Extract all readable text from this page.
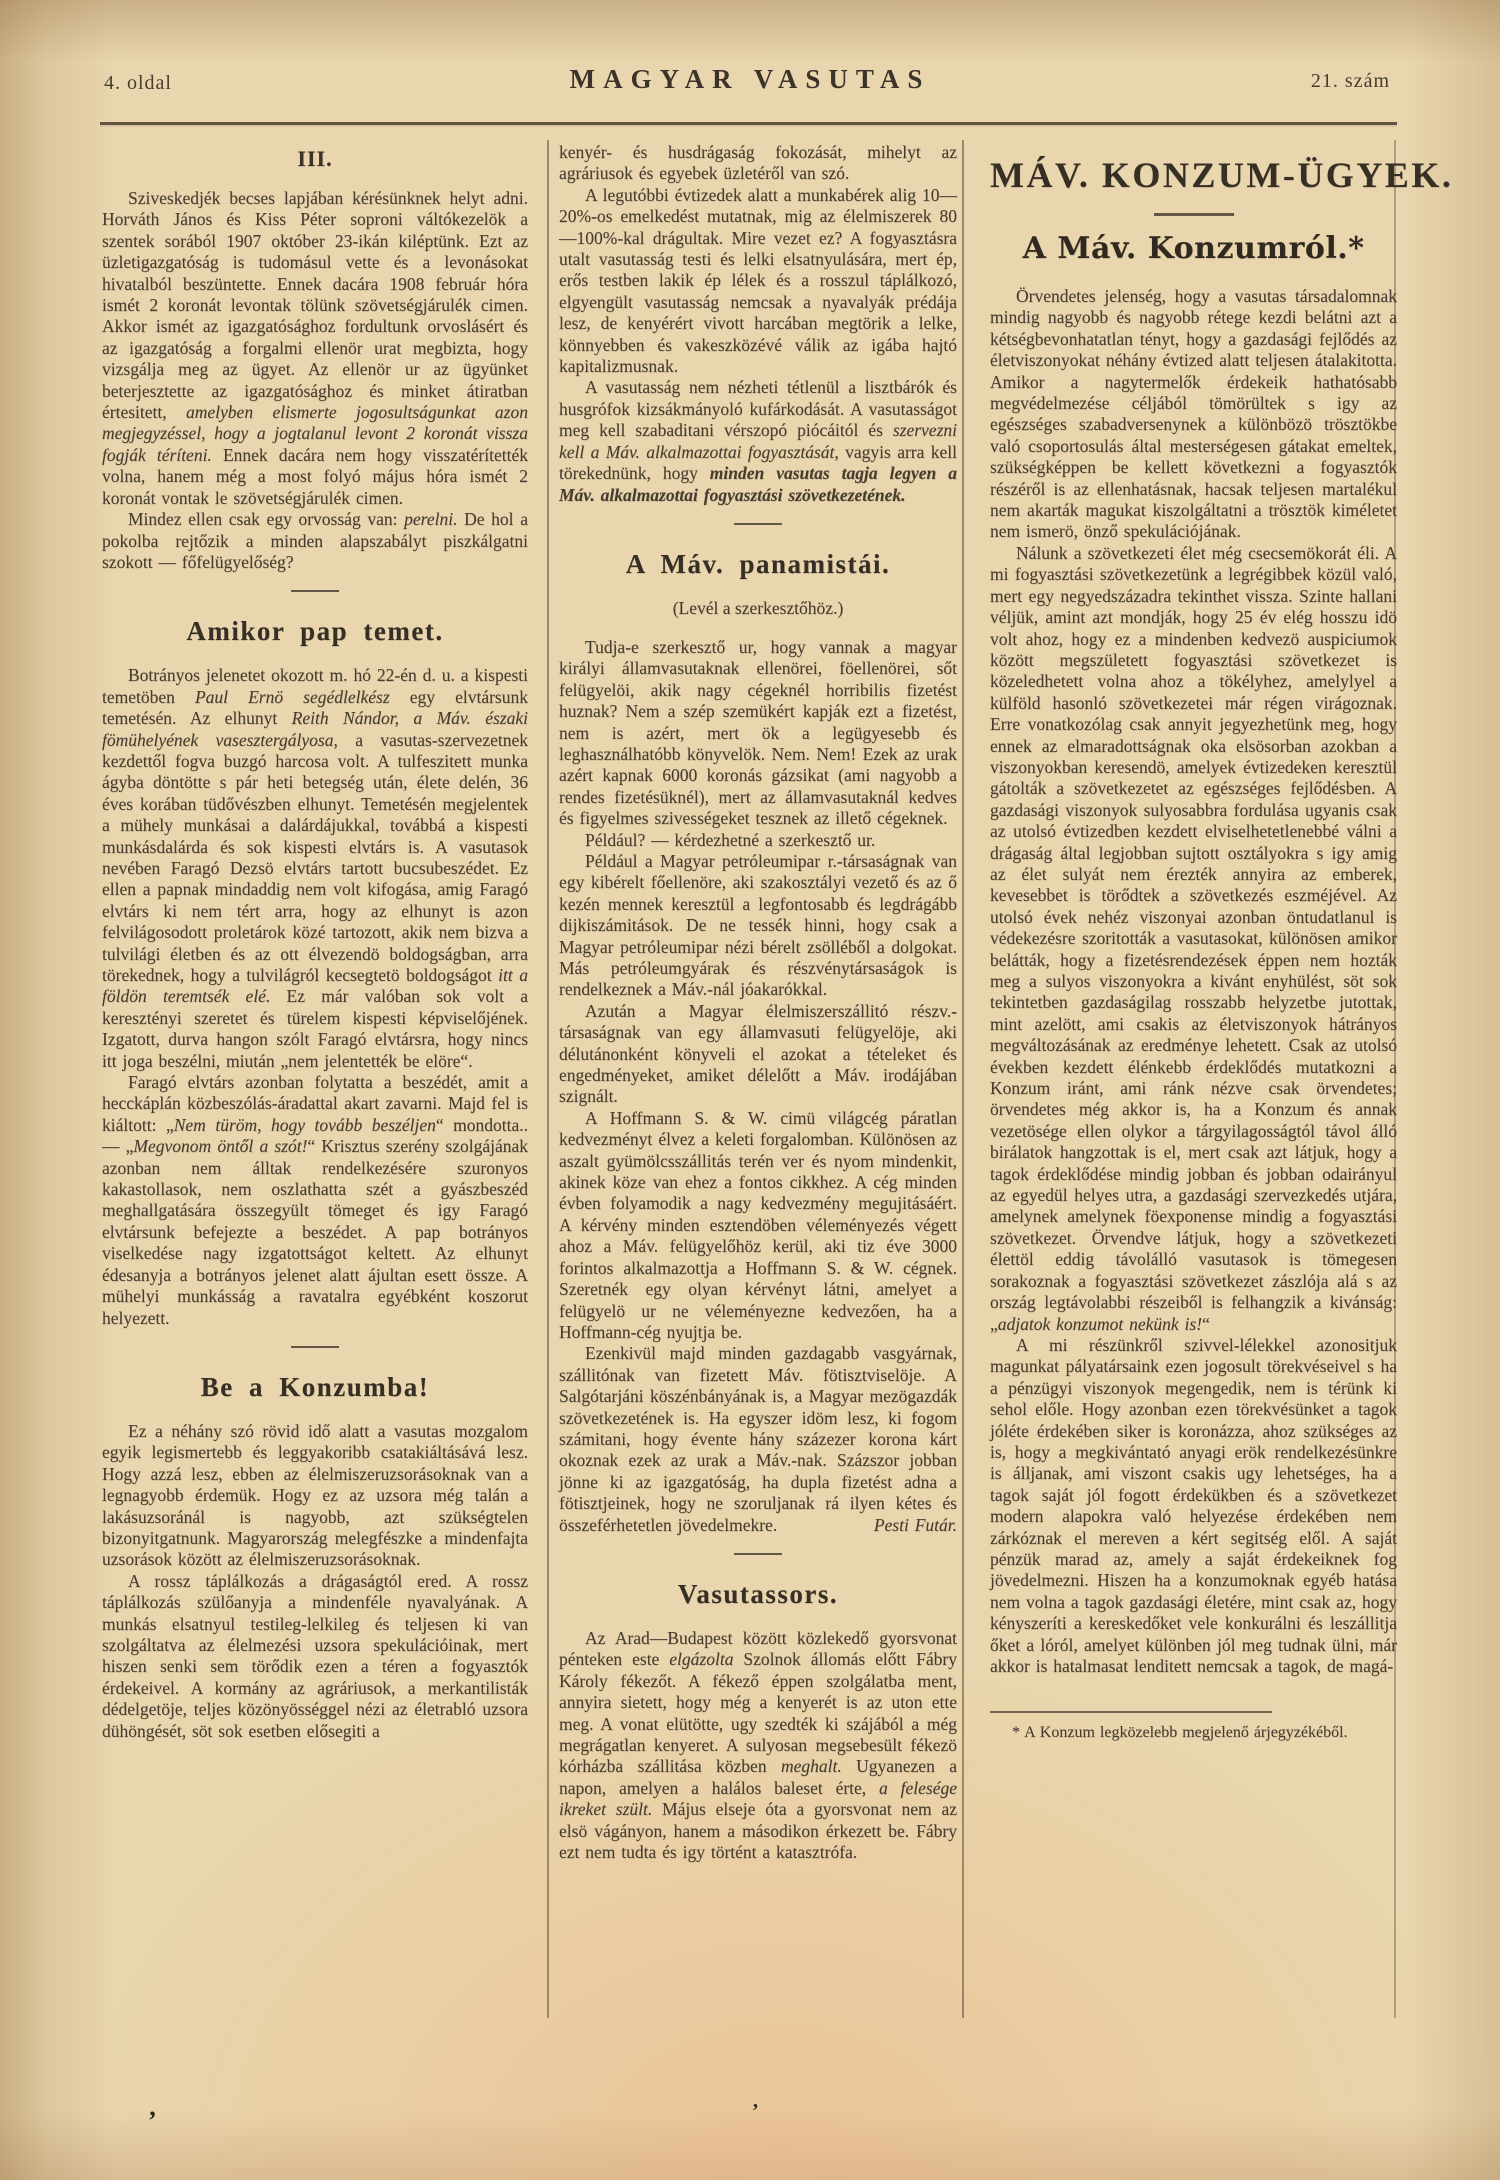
4. oldal	MAGYAR VASUTAS	21. szám
III.

Sziveskedjék becses lapjában kérésünknek helyt adni. Horváth János és Kiss Péter soproni váltókezelök a szentek sorából 1907 október 23-ikán kiléptünk. Ezt az üzletigazgatóság is tudomásul vette és a levonásokat hivatalból beszüntette. Ennek dacára 1908 február hóra ismét 2 koronát levontak tölünk szövetségjárulék cimen. Akkor ismét az igazgatósághoz fordultunk orvoslásért és az igazgatóság a forgalmi ellenör urat megbizta, hogy vizsgálja meg az ügyet. Az ellenör ur az ügyünket beterjesztette az igazgatósághoz és minket átiratban értesitett, amelyben elismerte jogosultságunkat azon megjegyzéssel, hogy a jogtalanul levont 2 koronát vissza fogják téríteni. Ennek dacára nem hogy visszatérítették volna, hanem még a most folyó május hóra ismét 2 koronát vontak le szövetségjárulék cimen.

Mindez ellen csak egy orvosság van: perelni. De hol a pokolba rejtőzik a minden alapszabályt piszkálgatni szokott — főfelügyelőség?

Amikor pap temet.

Botrányos jelenetet okozott m. hó 22-én d. u. a kispesti temetöben Paul Ernö segédlelkész egy elvtársunk temetésén. Az elhunyt Reith Nándor, a Máv. északi fömühelyének vasesztergályosa, a vasutas-szervezetnek kezdettől fogva buzgó harcosa volt. A tulfeszitett munka ágyba döntötte s pár heti betegség után, élete delén, 36 éves korában tüdővészben elhunyt. Temetésén megjelentek a mühely munkásai a dalárdájukkal, továbbá a kispesti munkásdalárda és sok kispesti elvtárs is. A vasutasok nevében Faragó Dezsö elvtárs tartott bucsubeszédet. Ez ellen a papnak mindaddig nem volt kifogása, amig Faragó elvtárs ki nem tért arra, hogy az elhunyt is azon felvilágosodott proletárok közé tartozott, akik nem bizva a tulvilági életben és az ott élvezendö boldogságban, arra törekednek, hogy a tulvilágról kecsegtetö boldogságot itt a földön teremtsék elé. Ez már valóban sok volt a keresztényi szeretet és türelem kispesti képviselőjének. Izgatott, durva hangon szólt Faragó elvtársra, hogy nincs itt joga beszélni, miután „nem jelentették be elöre“.

Faragó elvtárs azonban folytatta a beszédét, amit a hecckáplán közbeszólás-áradattal akart zavarni. Majd fel is kiáltott: „Nem türöm, hogy tovább beszéljen“ mondotta.. — „Megvonom öntől a szót!“ Krisztus szerény szolgájának azonban nem álltak rendelkezésére szuronyos kakastollasok, nem oszlathatta szét a gyászbeszéd meghallgatására összegyült tömeget és igy Faragó elvtársunk befejezte a beszédet. A pap botrányos viselkedése nagy izgatottságot keltett. Az elhunyt édesanyja a botrányos jelenet alatt ájultan esett össze. A mühelyi munkásság a ravatalra egyébként koszorut helyezett.

Be a Konzumba!

Ez a néhány szó rövid idő alatt a vasutas mozgalom egyik legismertebb és leggyakoribb csatakiáltásává lesz. Hogy azzá lesz, ebben az élelmiszeruzsorásoknak van a legnagyobb érdemük. Hogy ez az uzsora még talán a lakásuzsoránál is nagyobb, azt szükségtelen bizonyitgatnunk. Magyarország melegfészke a mindenfajta uzsorások között az élelmiszeruzsorásoknak.

A rossz táplálkozás a drágaságtól ered. A rossz táplálkozás szülőanyja a mindenféle nyavalyának. A munkás elsatnyul testileg-lelkileg és teljesen ki van szolgáltatva az élelmezési uzsora spekulációinak, mert hiszen senki sem törődik ezen a téren a fogyasztók érdekeivel. A kormány az agráriusok, a merkantilisták dédelgetöje, teljes közönyösséggel nézi az életrabló uzsora dühöngését, söt sok esetben elősegiti a

kenyér- és husdrágaság fokozását, mihelyt az agráriusok és egyebek üzletéről van szó.

A legutóbbi évtizedek alatt a munkabérek alig 10—20%-os emelkedést mutatnak, mig az élelmiszerek 80—100%-kal drágultak. Mire vezet ez? A fogyasztásra utalt vasutasság testi és lelki elsatnyulására, mert ép, erős testben lakik ép lélek és a rosszul táplálkozó, elgyengült vasutasság nemcsak a nyavalyák prédája lesz, de kenyérért vivott harcában megtörik a lelke, könnyebben és vakeszközévé válik az igába hajtó kapitalizmusnak.

A vasutasság nem nézheti tétlenül a lisztbárók és husgrófok kizsákmányoló kufárkodását. A vasutasságot meg kell szabaditani vérszopó piócáitól és szervezni kell a Máv. alkalmazottai fogyasztását, vagyis arra kell törekednünk, hogy minden vasutas tagja legyen a Máv. alkalmazottai fogyasztási szövetkezetének.

A Máv. panamistái.
(Levél a szerkesztőhöz.)

Tudja-e szerkesztő ur, hogy vannak a magyar királyi államvasutaknak ellenörei, föellenörei, sőt felügyelöi, akik nagy cégeknél horribilis fizetést huznak? Nem a szép szemükért kapják ezt a fizetést, nem is azért, mert ök a legügyesebb és leghasználhatóbb könyvelök. Nem. Nem! Ezek az urak azért kapnak 6000 koronás gázsikat (ami nagyobb a rendes fizetésüknél), mert az államvasutaknál kedves és figyelmes szivességeket tesznek az illető cégeknek.

Például? — kérdezhetné a szerkesztő ur.

Például a Magyar petróleumipar r.-társaságnak van egy kibérelt főellenöre, aki szakosztályi vezető és az ő kezén mennek keresztül a legfontosabb és legdrágább dijkiszámitások. De ne tessék hinni, hogy csak a Magyar petróleumipar nézi bérelt zsölléből a dolgokat. Más petróleumgyárak és részvénytársaságok is rendelkeznek a Máv.-nál jóakarókkal.

Azután a Magyar élelmiszerszállitó részv.-társaságnak van egy államvasuti felügyelöje, aki délutánonként könyveli el azokat a tételeket és engedményeket, amiket délelőtt a Máv. irodájában szignált.

A Hoffmann S. & W. cimü világcég páratlan kedvezményt élvez a keleti forgalomban. Különösen az aszalt gyümölcsszállitás terén ver és nyom mindenkit, akinek köze van ehez a fontos cikkhez. A cég minden évben folyamodik a nagy kedvezmény megujitásáért. A kérvény minden esztendöben véleményezés végett ahoz a Máv. felügyelőhöz kerül, aki tiz éve 3000 forintos alkalmazottja a Hoffmann S. & W. cégnek. Szeretnék egy olyan kérvényt látni, amelyet a felügyelö ur ne véleményezne kedvezően, ha a Hoffmann-cég nyujtja be.

Ezenkivül majd minden gazdagabb vasgyárnak, szállitónak van fizetett Máv. fötisztviselöje. A Salgótarjáni köszénbányának is, a Magyar mezögazdák szövetkezetének is. Ha egyszer idöm lesz, ki fogom számitani, hogy évente hány százezer korona kárt okoznak ezek az urak a Máv.-nak. Százszor jobban jönne ki az igazgatóság, ha dupla fizetést adna a fötisztjeinek, hogy ne szoruljanak rá ilyen kétes és összeférhetetlen jövedelmekre.	Pesti Futár.

Vasutassors.

Az Arad—Budapest között közlekedő gyorsvonat pénteken este elgázolta Szolnok állomás előtt Fábry Károly fékezőt. A fékező éppen szolgálatba ment, annyira sietett, hogy még a kenyerét is az uton ette meg. A vonat elütötte, ugy szedték ki szájából a még megrágatlan kenyeret. A sulyosan megsebesült fékezö kórházba szállitása közben meghalt. Ugyanezen a napon, amelyen a halálos baleset érte, a felesége ikreket szült. Május elseje óta a gyorsvonat nem az elsö vágányon, hanem a másodikon érkezett be. Fábry ezt nem tudta és igy történt a katasztrófa.

MÁV. KONZUM-ÜGYEK.
A Máv. Konzumról.*

Örvendetes jelenség, hogy a vasutas társadalomnak mindig nagyobb és nagyobb rétege kezdi belátni azt a kétségbevonhatatlan tényt, hogy a gazdasági fejlődés az életviszonyokat néhány évtized alatt teljesen átalakitotta. Amikor a nagytermelők érdekeik hathatósabb megvédelmezése céljából tömörültek s igy az egészséges szabadversenynek a különbözö trösztökbe való csoportosulás által mesterségesen gátakat emeltek, szükségképpen be kellett következni a fogyasztók részéről is az ellenhatásnak, hacsak teljesen martalékul nem akarták magukat kiszolgáltatni a trösztök kiméletet nem ismerö, önző spekulációjának.

Nálunk a szövetkezeti élet még csecsemökorát éli. A mi fogyasztási szövetkezetünk a legrégibbek közül való, mert egy negyedszázadra tekinthet vissza. Szinte hallani véljük, amint azt mondják, hogy 25 év elég hosszu idö volt ahoz, hogy ez a mindenben kedvezö auspiciumok között megszületett fogyasztási szövetkezet is közeledhetett volna ahoz a tökélyhez, amelylyel a külföld hasonló szövetkezetei már régen virágoznak. Erre vonatkozólag csak annyit jegyezhetünk meg, hogy ennek az elmaradottságnak oka elsösorban azokban a viszonyokban keresendö, amelyek évtizedeken keresztül gátolták a szövetkezetet az egészséges fejlődésben. A gazdasági viszonyok sulyosabbra fordulása ugyanis csak az utolsó évtizedben kezdett elviselhetetlenebbé válni a drágaság által legjobban sujtott osztályokra s igy amig az élet sulyát nem érezték annyira az emberek, kevesebbet is törődtek a szövetkezés eszméjével. Az utolsó évek nehéz viszonyai azonban öntudatlanul is védekezésre szoritották a vasutasokat, különösen amikor belátták, hogy a fizetésrendezések éppen nem hozták meg a sulyos viszonyokra a kivánt enyhülést, söt sok tekintetben gazdaságilag rosszabb helyzetbe jutottak, mint azelött, ami csakis az életviszonyok hátrányos megváltozásának az eredménye lehetett. Csak az utolsó években kezdett élénkebb érdeklődés mutatkozni a Konzum iránt, ami ránk nézve csak örvendetes; örvendetes még akkor is, ha a Konzum és annak vezetösége ellen olykor a tárgyilagosságtól távol álló birálatok hangzottak is el, mert csak azt látjuk, hogy a tagok érdeklődése mindig jobban és jobban odairányul az egyedül helyes utra, a gazdasági szervezkedés utjára, amelynek amelynek föexponense mindig a fogyasztási szövetkezet. Örvendve látjuk, hogy a szövetkezeti élettöl eddig távolálló vasutasok is tömegesen sorakoznak a fogyasztási szövetkezet zászlója alá s az ország legtávolabbi részeiből is felhangzik a kivánság: „adjatok konzumot nekünk is!“

A mi részünkről szivvel-lélekkel azonositjuk magunkat pályatársaink ezen jogosult törekvéseivel s ha a pénzügyi viszonyok megengedik, nem is térünk ki sehol előle. Hogy azonban ezen törekvésünket a tagok jóléte érdekében siker is koronázza, ahoz szükséges az is, hogy a megkivántató anyagi erök rendelkezésünkre is álljanak, ami viszont csakis ugy lehetséges, ha a tagok saját jól fogott érdekükben és a szövetkezet modern alapokra való helyezése érdekében nem zárkóznak el mereven a kért segitség elől. A saját pénzük marad az, amely a saját érdekeiknek fog jövedelmezni. Hiszen ha a konzumoknak egyéb hatása nem volna a tagok gazdasági életére, mint csak az, hogy kényszeríti a kereskedőket vele konkurálni és leszállitja őket a lóról, amelyet különben jól meg tudnak ülni, már akkor is hatalmasat lenditett nemcsak a tagok, de magá-

* A Konzum legközelebb megjelenő árjegyzékéből.
’	’
